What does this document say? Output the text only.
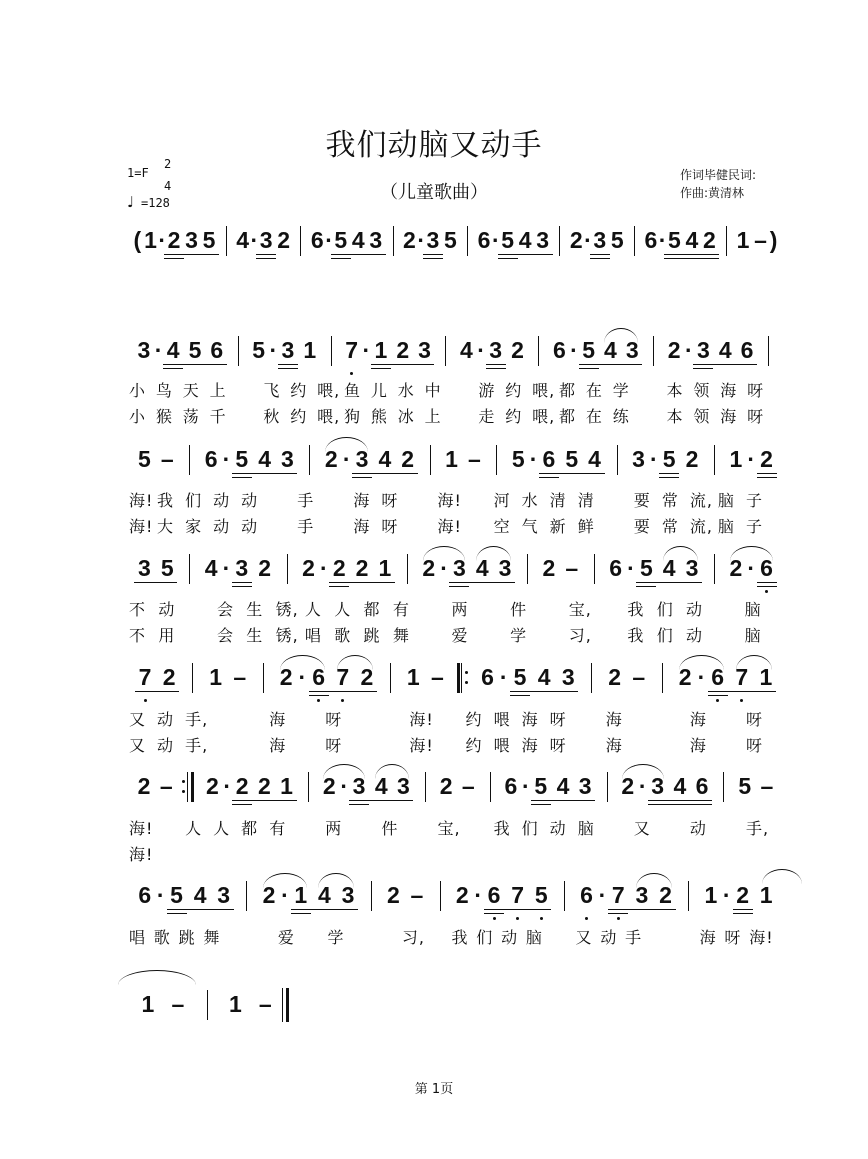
我们动脑又动手
（儿童歌曲）
1=F
2
4
♩ =128
作词毕健民词:
作曲:黄清林
( 1 · 2 3 5 4 · 3 2 6 · 5 4 3 2 · 3 5 6 · 5 4 3 2 · 3 5 6 · 5 4 2 1 – )
3 · 4 5 6 5 · 3 1 7 · 1 2 3 4 · 3 2 6 · 5 4 3 2 · 3 4 6
小 鸟 天 上 飞 约 喂, 鱼 儿 水 中 游 约 喂, 都 在 学 本 领 海 呀
小 猴 荡 千 秋 约 喂, 狗 熊 冰 上 走 约 喂, 都 在 练 本 领 海 呀
5 – 6 · 5 4 3 2 · 3 4 2 1 – 5 · 6 5 4 3 · 5 2 1 · 2
海! 我 们 动 动 手 海 呀 海! 河 水 清 清 要 常 流, 脑 子
海! 大 家 动 动 手 海 呀 海! 空 气 新 鲜 要 常 流, 脑 子
3 5 4 · 3 2 2 · 2 2 1 2 · 3 4 3 2 – 6 · 5 4 3 2 · 6
不 动	会 生 锈, 人 人 都 有	两	件	宝, 我 们 动	脑
不 用	会 生 锈, 唱 歌 跳 舞	爱	学	习, 我 们 动	脑
7 2 1 – 2 · 6 7 2 1 – 6 · 5 4 3 2 – 2 · 6 7 1
又 动 手,	海 呀	海! 约 喂 海 呀 海	海 呀
又 动 手,	海 呀	海! 约 喂 海 呀 海	海 呀
2 – 2 · 2 2 1 2 · 3 4 3 2 – 6 · 5 4 3 2 · 3 4 6 5 –
海! 人 人 都 有 两 件 宝, 我 们 动 脑 又 动 手,
海!
6 · 5 4 3 2 · 1 4 3 2 – 2 · 6 7 5 6 · 7 3 2 1 · 2 1
唱 歌 跳 舞	爱 学	习, 我 们 动 脑 又 动 手	海 呀 海!
1 – 1 –
第 1页
